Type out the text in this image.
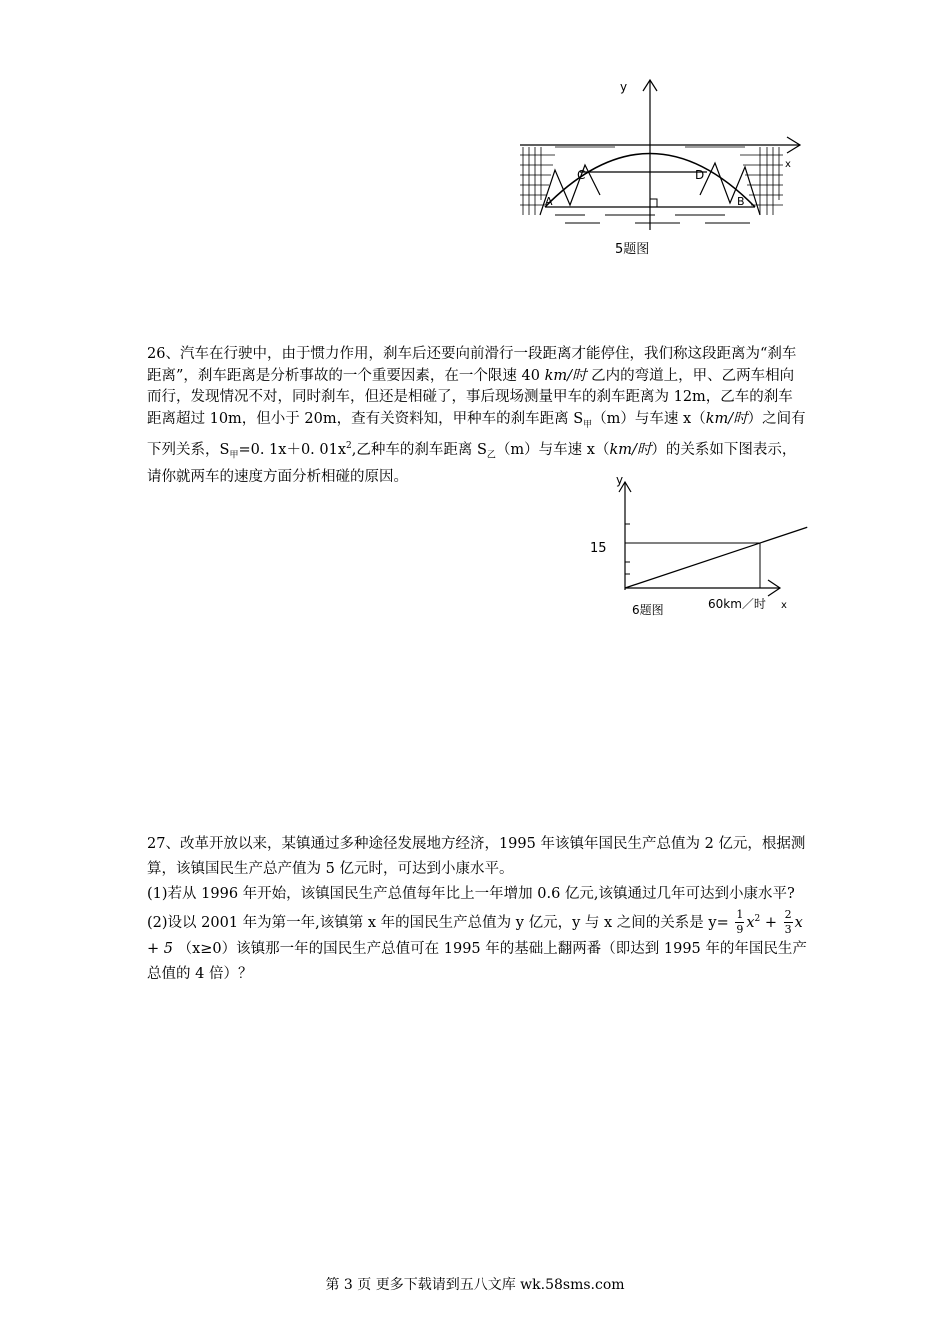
y
x
C	D
A	B
5题图

26、汽车在行驶中，由于惯力作用，刹车后还要向前滑行一段距离才能停住，我们称这段距离为“刹车距离”，刹车距离是分析事故的一个重要因素，在一个限速 40 km/时 乙内的弯道上，甲、乙两车相向而行，发现情况不对，同时刹车，但还是相碰了，事后现场测量甲车的刹车距离为 12m，乙车的刹车距离超过 10m，但小于 20m，查有关资料知，甲种车的刹车距离 $S_甲(m)$与车速 x（km/时）之间有下列关系，$S_甲=0$. 1x＋0. $01x^2$,乙种车的刹车距离 $S_乙(m)$与车速 x（km/时）的关系如下图表示，请你就两车的速度方面分析相碰的原因。	y
15
6题图	60km／时 x

27、改革开放以来，某镇通过多种途径发展地方经济，1995 年该镇年国民生产总值为 2 亿元，根据测算，该镇国民生产总产值为 5 亿元时，可达到小康水平。

(1)若从 1996 年开始，该镇国民生产总值每年比上一年增加 0.6 亿元,该镇通过几年可达到小康水平?

(2)设以 2001 年为第一年,该镇第 x 年的国民生产总值为 y 亿元，y 与 x 之间的关系是 $y= \frac{1}{9} x^2 + \frac{2}{3}$ x + 5 （x≥0）该镇那一年的国民生产总值可在 1995 年的基础上翻两番（即达到 1995 年的年国民生产总值的 4 倍）？

第 3 页 更多下载请到五八文库 wk.58sms.com
